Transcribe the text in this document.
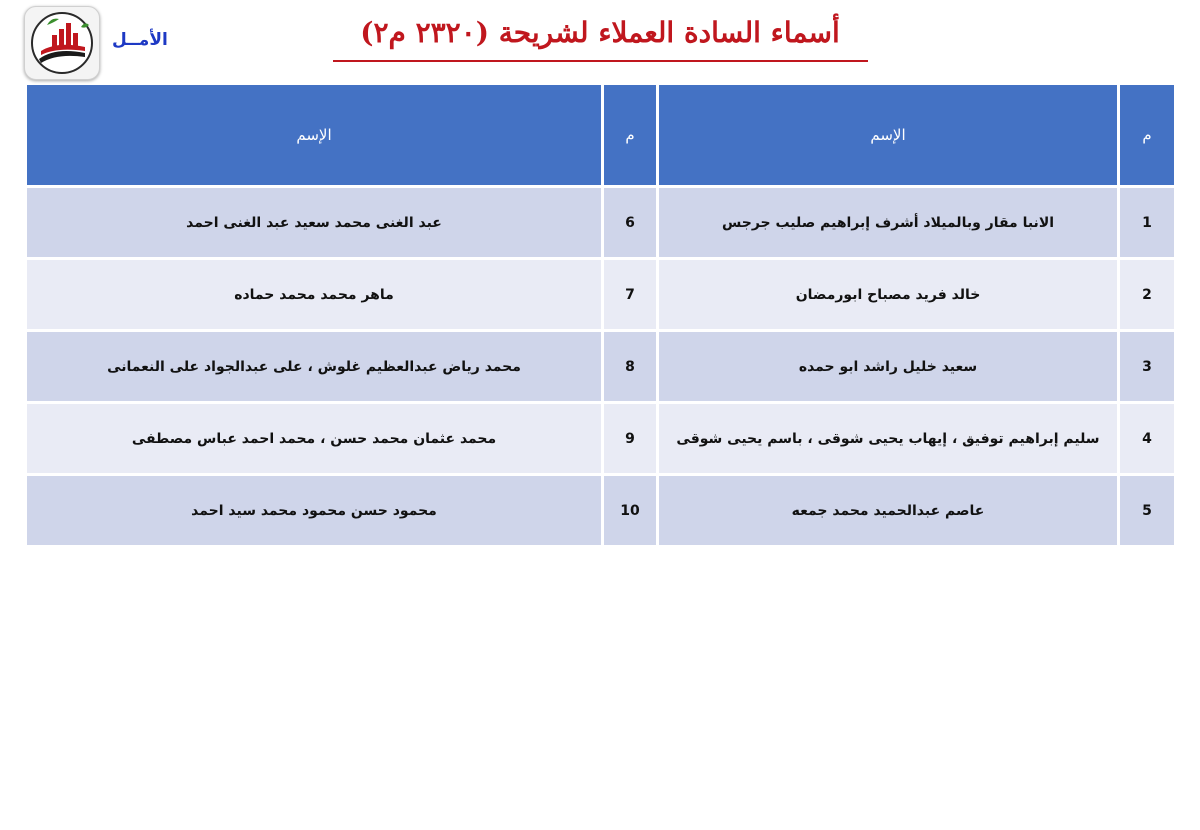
الأمــل	أسماء السادة العملاء لشريحة (٢٣٢٠ م٢)
الإسم	م	الإسم	م
عبد الغنى محمد سعيد عبد الغنى احمد	6	الانبا مقار وبالميلاد أشرف إبراهيم صليب جرجس	1
ماهر محمد محمد حماده	7	خالد فريد مصباح ابورمضان	2
محمد رياض عبدالعظيم غلوش ، على عبدالجواد على النعمانى	8	سعيد خليل راشد ابو حمده	3
محمد عثمان محمد حسن ، محمد احمد عباس مصطفى	9	سليم إبراهيم توفيق ، إيهاب يحيى شوقى ، باسم يحيى شوقى	4
محمود حسن محمود محمد سيد احمد	10	عاصم عبدالحميد محمد جمعه	5
